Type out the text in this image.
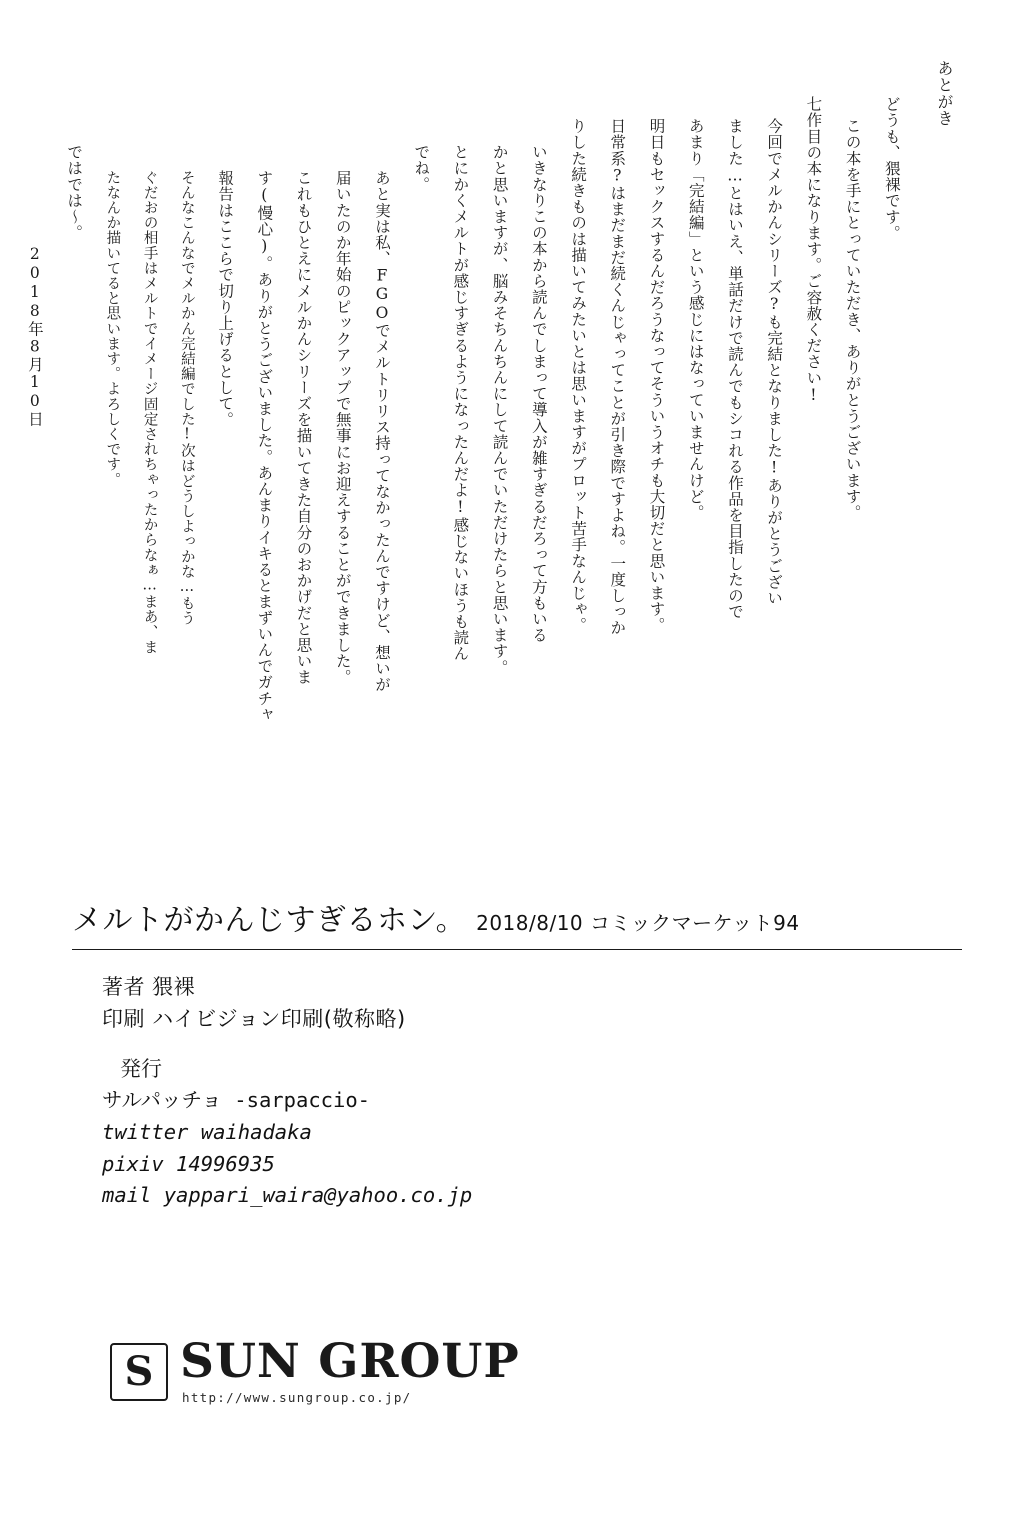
あとがき
どうも、猥裸です。
この本を手にとっていただき、ありがとうございます。
七作目の本になります。ご容赦ください!
今回でメルかんシリーズ?も完結となりました!ありがとうござい
ました…とはいえ、単話だけで読んでもシコれる作品を目指したので
あまり「完結編」という感じにはなっていませんけど。
明日もセックスするんだろうなってそういうオチも大切だと思います。
日常系?はまだまだ続くんじゃってことが引き際ですよね。一度しっか
りした続きものは描いてみたいとは思いますがプロット苦手なんじゃ。
いきなりこの本から読んでしまって導入が雑すぎるだろって方もいる
かと思いますが、脳みそちんちんにして読んでいただけたらと思います。
とにかくメルトが感じすぎるようになったんだよ!感じないほうも読ん
でね。
あと実は私、FGOでメルトリリス持ってなかったんですけど、想いが
届いたのか年始のピックアップで無事にお迎えすることができました。
これもひとえにメルかんシリーズを描いてきた自分のおかげだと思いま
す(慢心)。ありがとうございました。あんまりイキるとまずいんでガチャ
報告はここらで切り上げるとして。
そんなこんなでメルかん完結編でした!次はどうしよっかな…もう
ぐだおの相手はメルトでイメージ固定されちゃったからなぁ…まあ、ま
たなんか描いてると思います。よろしくです。
ではでは〜。
2018年8月10日
メルトがかんじすぎるホン。 2018/8/10 コミックマーケット94
著者 猥裸
印刷 ハイビジョン印刷(敬称略)
発行
サルパッチョ -sarpaccio-
twitter waihadaka
pixiv 14996935
mail yappari_waira@yahoo.co.jp
S SUN GROUP
http://www.sungroup.co.jp/
